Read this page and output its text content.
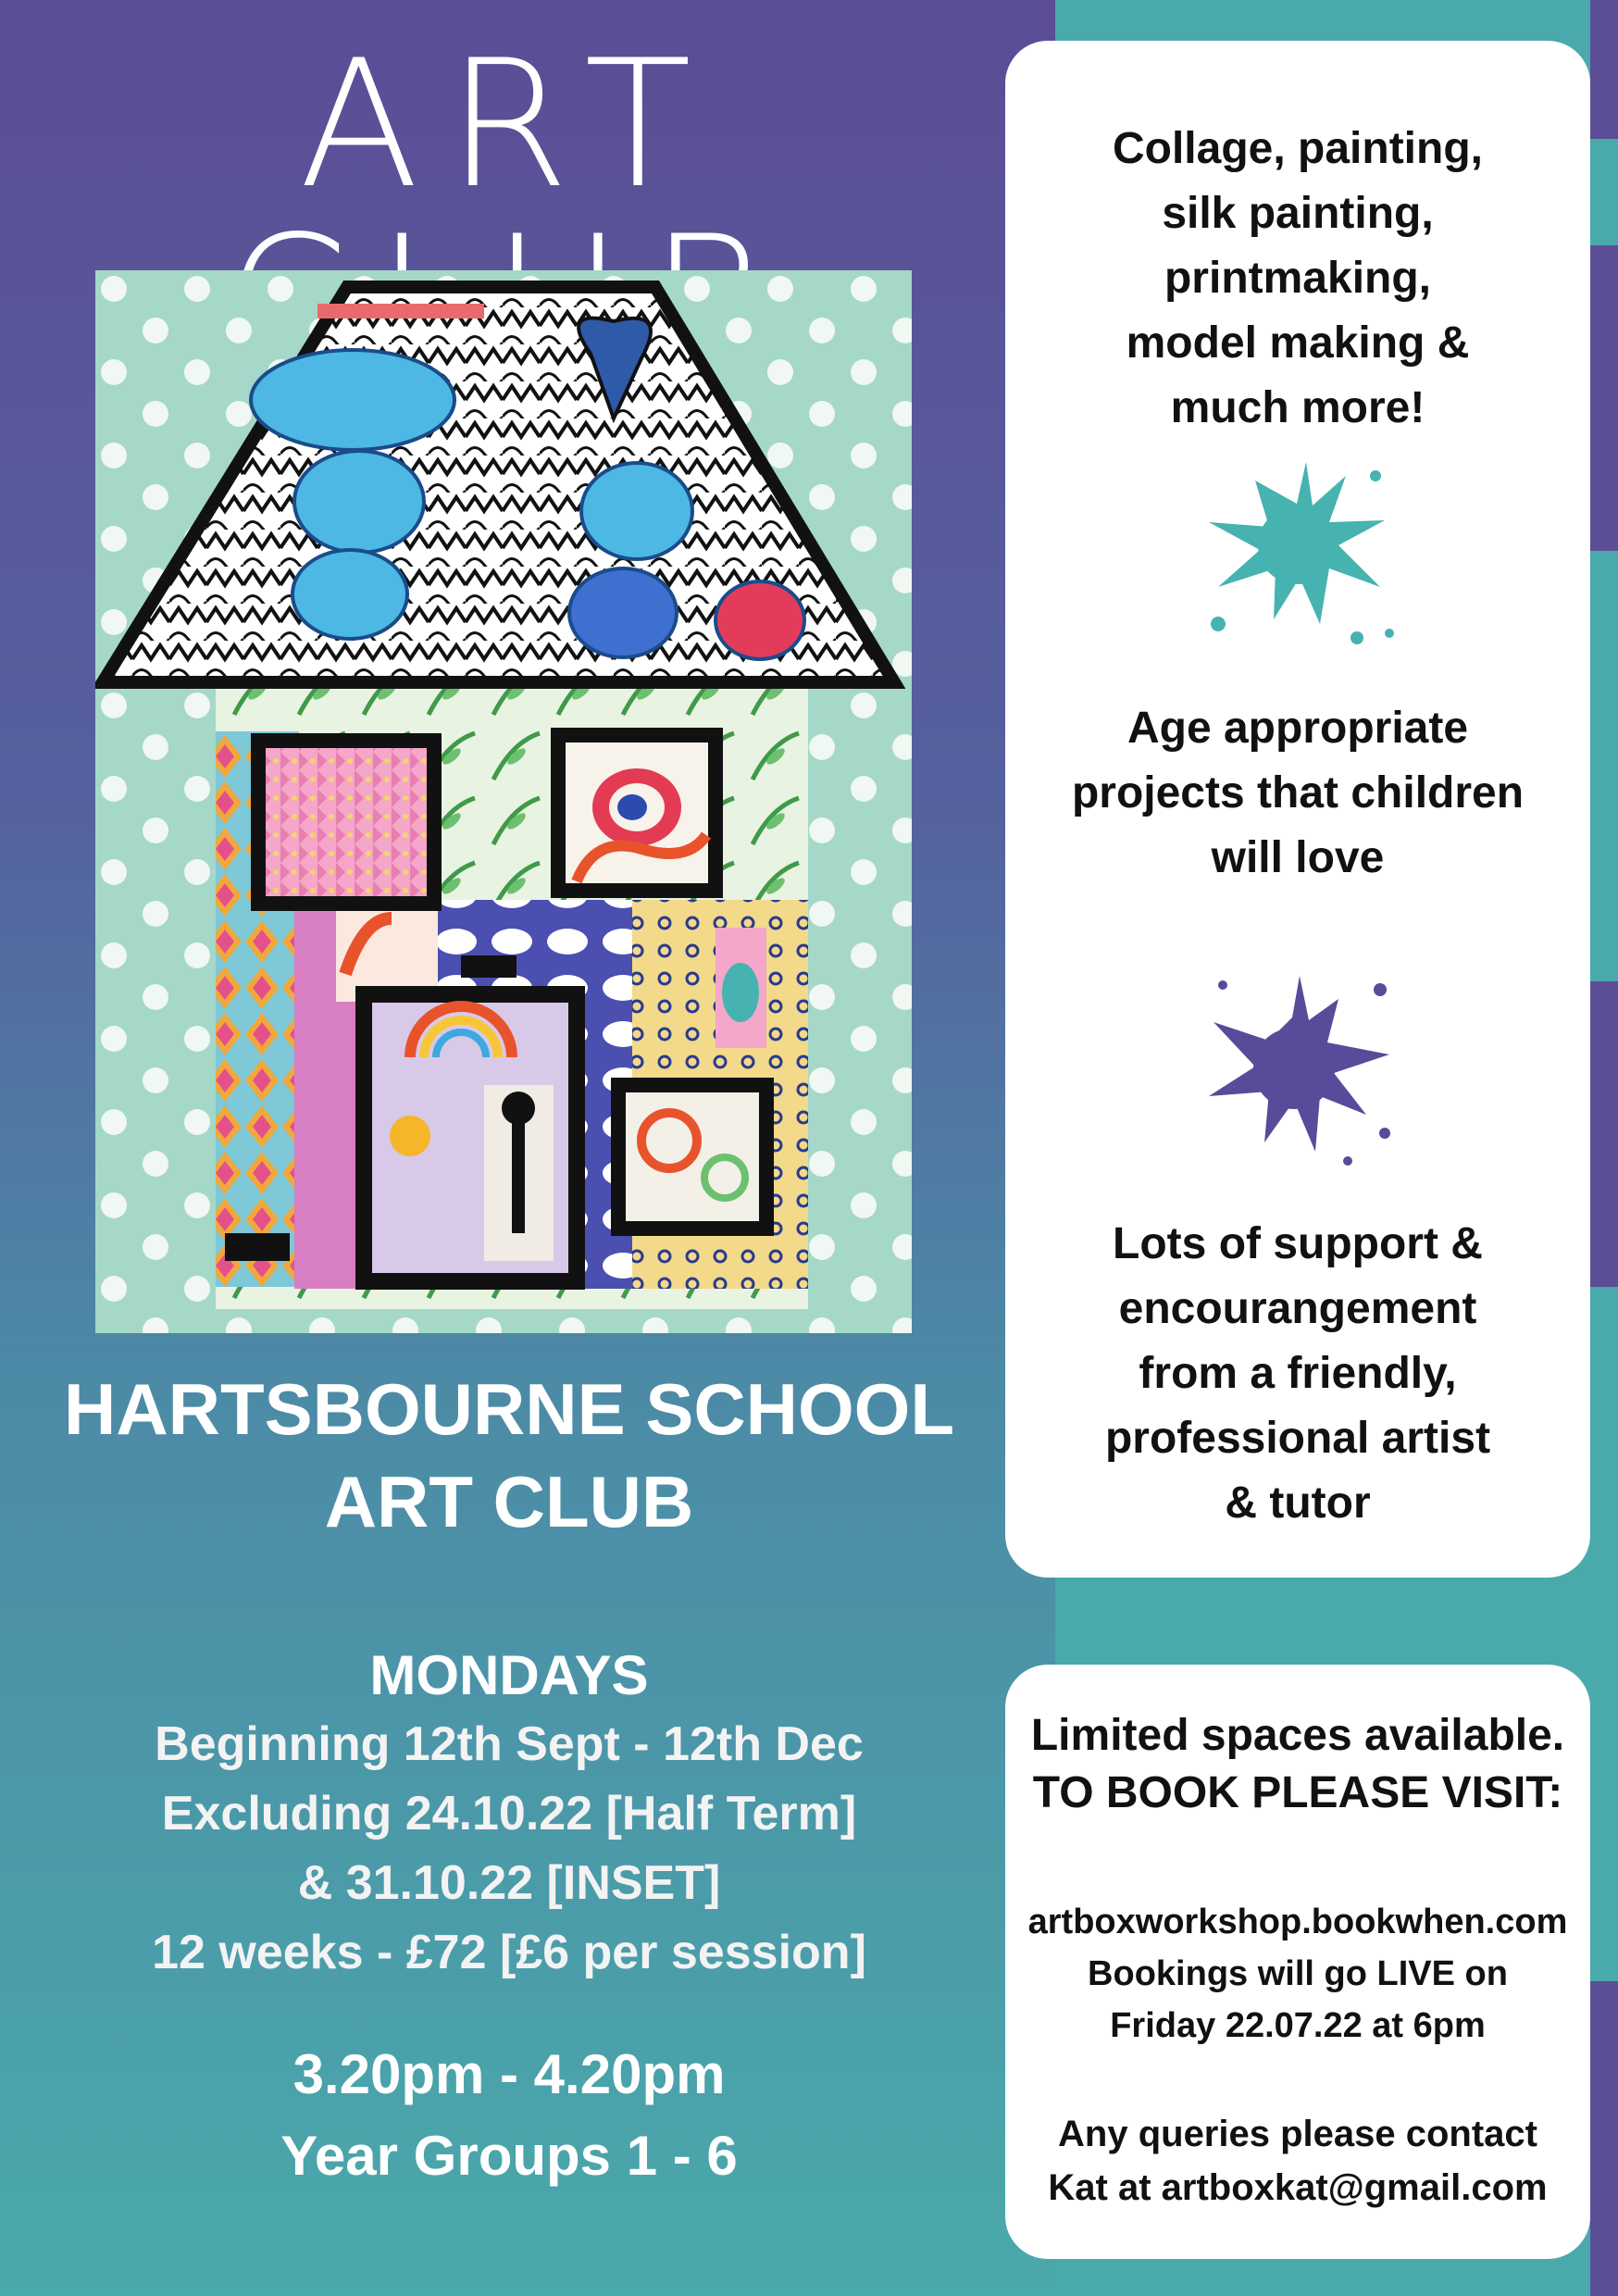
ART
HARTSBOURNE SCHOOL
ART CLUB
MONDAYS
Beginning 12th Sept - 12th Dec
Excluding 24.10.22 [Half Term]
& 31.10.22 [INSET]
12 weeks - £72 [£6 per session]
3.20pm - 4.20pm
Year Groups 1 - 6
Collage, painting,
silk painting,
printmaking,
model making &
much more!
Age appropriate
projects that children
will love
Lots of support &
encourangement
from a friendly,
professional artist
& tutor
Limited spaces available.
TO BOOK PLEASE VISIT:
artboxworkshop.bookwhen.com
Bookings will go LIVE on
Friday 22.07.22 at 6pm
Any queries please contact
Kat at artboxkat@gmail.com
